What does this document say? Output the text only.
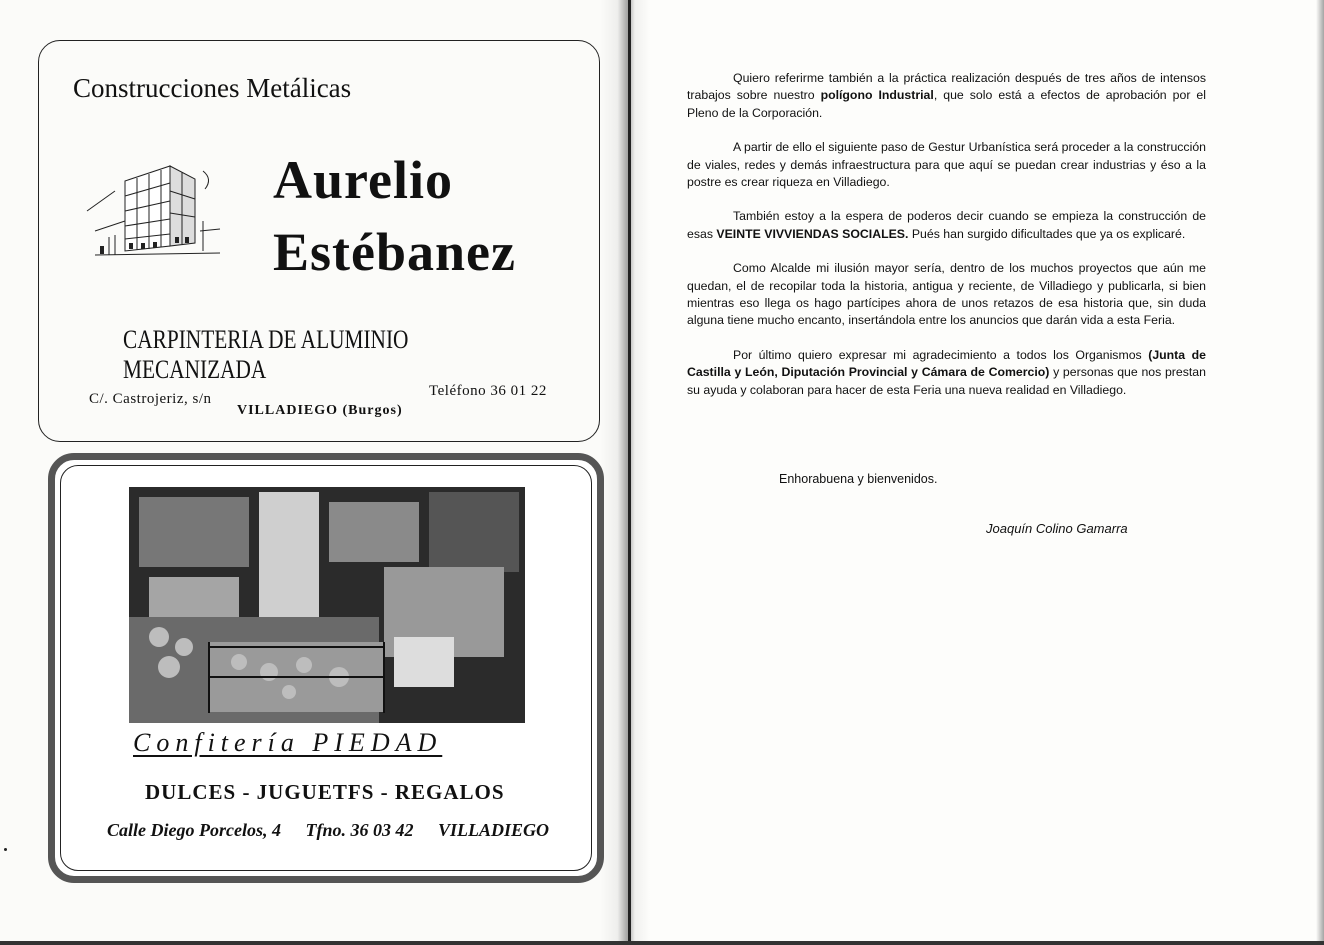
Construcciones Metálicas
Aurelio
Estébanez
CARPINTERIA DE ALUMINIO MECANIZADA
C/. Castrojeriz, s/n	Teléfono 36 01 22
VILLADIEGO (Burgos)
Confitería PIEDAD
DULCES - JUGUETFS - REGALOS
Calle Diego Porcelos, 4 Tfno. 36 03 42 VILLADIEGO

Quiero referirme también a la práctica realización después de tres años de intensos trabajos sobre nuestro polígono Industrial, que solo está a efectos de aprobación por el Pleno de la Corporación.

A partir de ello el siguiente paso de Gestur Urbanística será proceder a la construcción de viales, redes y demás infraestructura para que aquí se puedan crear industrias y éso a la postre es crear riqueza en Villadiego.

También estoy a la espera de poderos decir cuando se empieza la construcción de esas VEINTE VIVVIENDAS SOCIALES. Pués han surgido dificultades que ya os explicaré.

Como Alcalde mi ilusión mayor sería, dentro de los muchos proyectos que aún me quedan, el de recopilar toda la historia, antigua y reciente, de Villadiego y publicarla, si bien mientras eso llega os hago partícipes ahora de unos retazos de esa historia que, sin duda alguna tiene mucho encanto, insertándola entre los anuncios que darán vida a esta Feria.

Por último quiero expresar mi agradecimiento a todos los Organismos (Junta de Castilla y León, Diputación Provincial y Cámara de Comercio) y personas que nos prestan su ayuda y colaboran para hacer de esta Feria una nueva realidad en Villadiego.

Enhorabuena y bienvenidos.
Joaquín Colino Gamarra
